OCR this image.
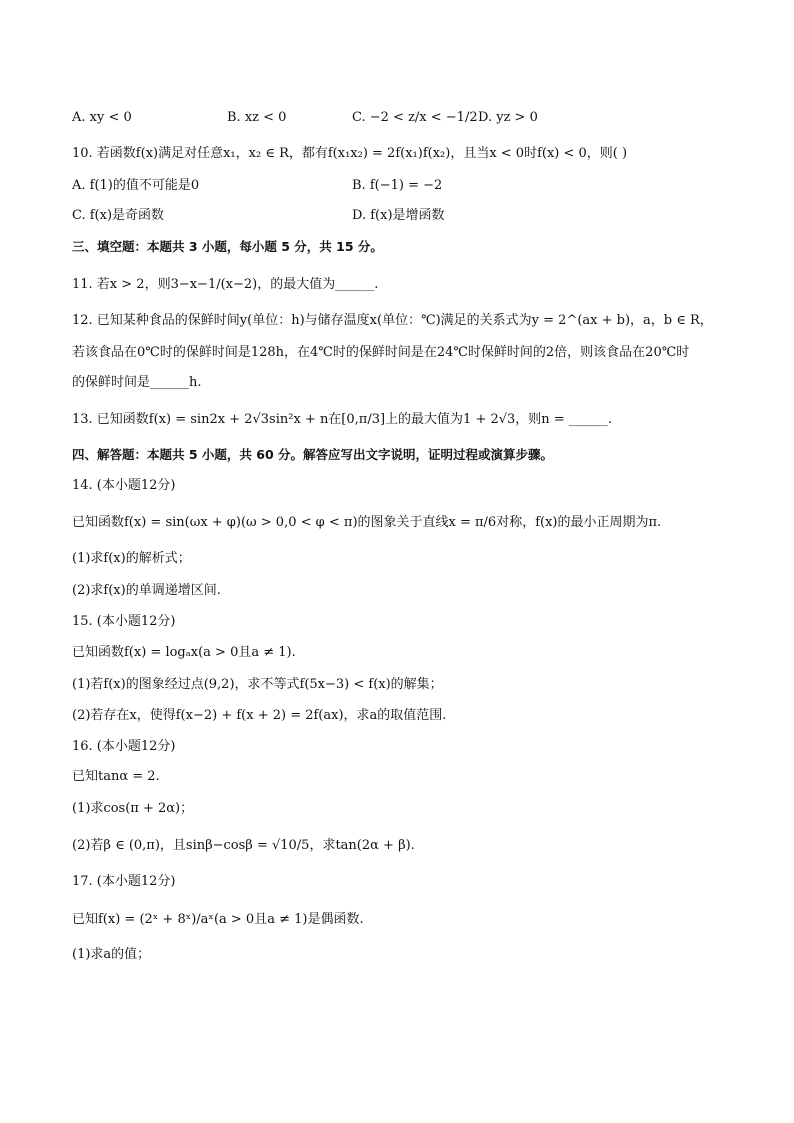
A. xy < 0	B. xz < 0	C. −2 < z/x < −1/2 D. yz > 0
10. 若函数f(x)满足对任意x₁，x₂ ∈ R，都有f(x₁x₂) = 2f(x₁)f(x₂)，且当x < 0时f(x) < 0，则( )
A. f(1)的值不可能是0	B. f(−1) = −2
C. f(x)是奇函数	D. f(x)是增函数
三、填空题：本题共 3 小题，每小题 5 分，共 15 分。
11. 若x > 2，则3−x−1/(x−2)，的最大值为______.
12. 已知某种食品的保鲜时间y(单位：h)与储存温度x(单位：℃)满足的关系式为y = 2^(ax + b)，a，b ∈ R，
若该食品在0℃时的保鲜时间是128h，在4℃时的保鲜时间是在24℃时保鲜时间的2倍，则该食品在20℃时
的保鲜时间是______h.
13. 已知函数f(x) = sin2x + 2√3sin²x + n在[0,π/3]上的最大值为1 + 2√3，则n = ______.
四、解答题：本题共 5 小题，共 60 分。解答应写出文字说明，证明过程或演算步骤。
14. (本小题12分)
已知函数f(x) = sin(ωx + φ)(ω > 0,0 < φ < π)的图象关于直线x = π/6对称，f(x)的最小正周期为π.
(1)求f(x)的解析式；
(2)求f(x)的单调递增区间.
15. (本小题12分)
已知函数f(x) = logₐx(a > 0且a ≠ 1).
(1)若f(x)的图象经过点(9,2)，求不等式f(5x−3) < f(x)的解集；
(2)若存在x，使得f(x−2) + f(x + 2) = 2f(ax)，求a的取值范围.
16. (本小题12分)
已知tanα = 2.
(1)求cos(π + 2α)；
(2)若β ∈ (0,π)，且sinβ−cosβ = √10/5，求tan(2α + β).
17. (本小题12分)
已知f(x) = (2ˣ + 8ˣ)/aˣ(a > 0且a ≠ 1)是偶函数.
(1)求a的值；
